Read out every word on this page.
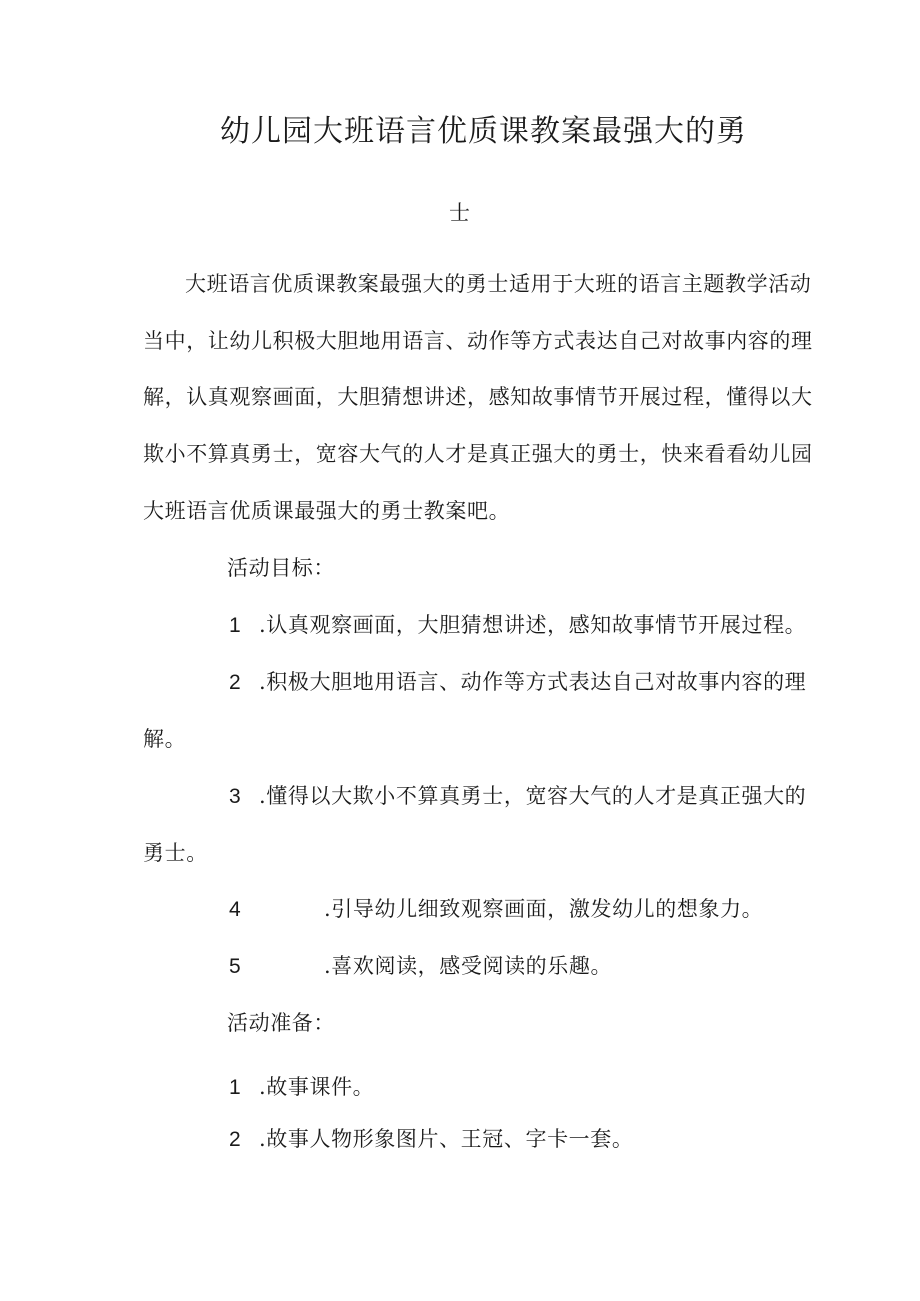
幼儿园大班语言优质课教案最强大的勇
士
大班语言优质课教案最强大的勇士适用于大班的语言主题教学活动
当中，让幼儿积极大胆地用语言、动作等方式表达自己对故事内容的理
解，认真观察画面，大胆猜想讲述，感知故事情节开展过程，懂得以大
欺小不算真勇士，宽容大气的人才是真正强大的勇士，快来看看幼儿园
大班语言优质课最强大的勇士教案吧。
活动目标：
1 .认真观察画面，大胆猜想讲述，感知故事情节开展过程。
2 .积极大胆地用语言、动作等方式表达自己对故事内容的理
解。
3 .懂得以大欺小不算真勇士，宽容大气的人才是真正强大的
勇士。
4	.引导幼儿细致观察画面，激发幼儿的想象力。
5	.喜欢阅读，感受阅读的乐趣。
活动准备：
1 .故事课件。
2 .故事人物形象图片、王冠、字卡一套。
